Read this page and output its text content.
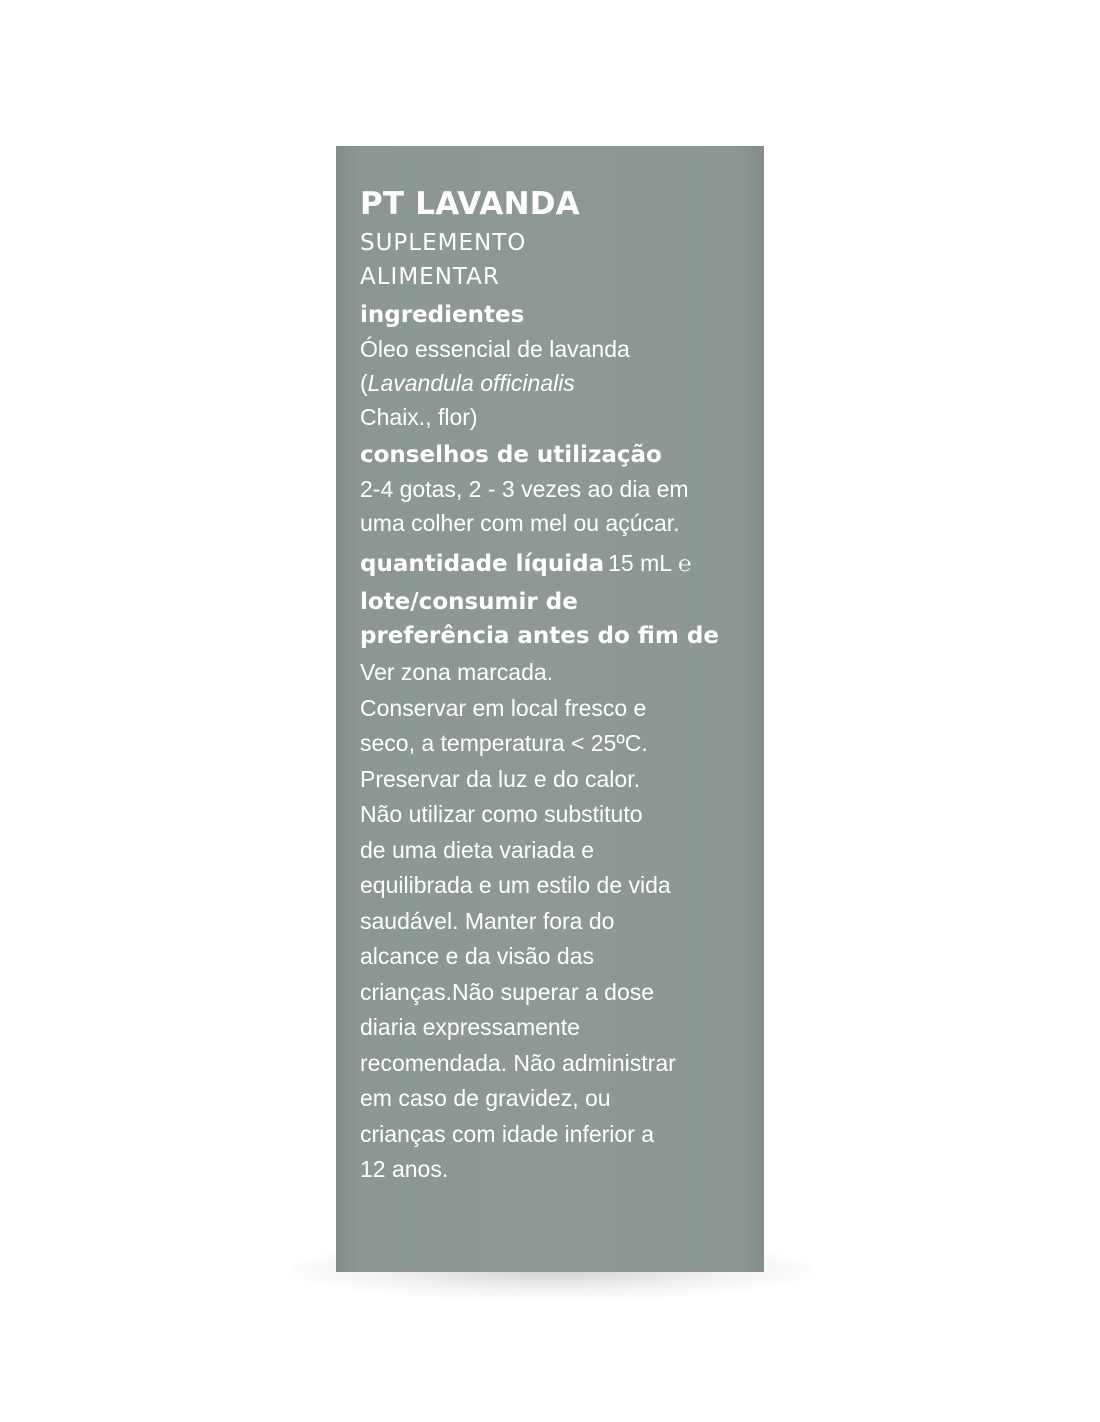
PT LAVANDA
SUPLEMENTO
ALIMENTAR
ingredientes
Óleo essencial de lavanda
(Lavandula officinalis
Chaix., flor)
conselhos de utilização
2-4 gotas, 2 - 3 vezes ao dia em
uma colher com mel ou açúcar.
quantidade líquida 15 mL ℮
lote/consumir de
preferência antes do fim de
Ver zona marcada.
Conservar em local fresco e
seco, a temperatura < 25ºC.
Preservar da luz e do calor.
Não utilizar como substituto
de uma dieta variada e
equilibrada e um estilo de vida
saudável. Manter fora do
alcance e da visão das
crianças.Não superar a dose
diaria expressamente
recomendada. Não administrar
em caso de gravidez, ou
crianças com idade inferior a
12 anos.
